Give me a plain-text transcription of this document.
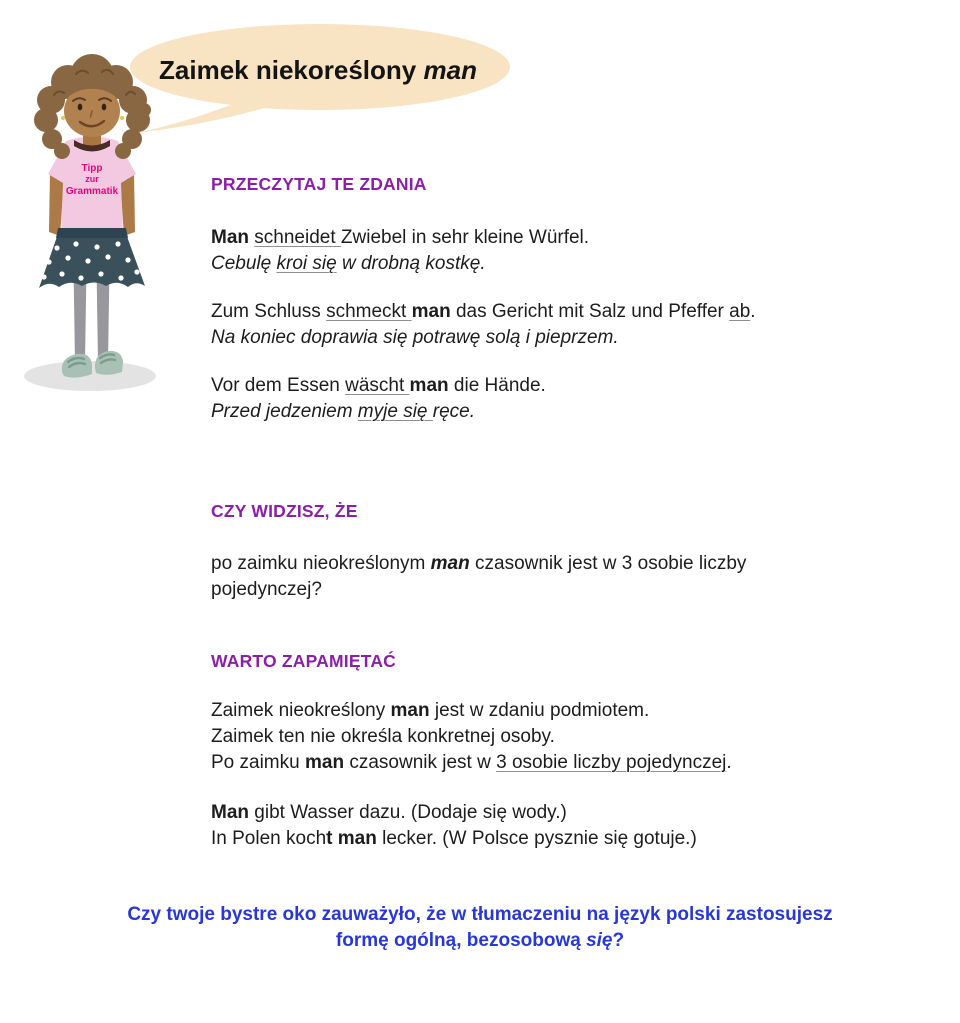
Zaimek niekoreślony man
Tipp
zur
Grammatik	PRZECZYTAJ TE ZDANIA
Man schneidet Zwiebel in sehr kleine Würfel.
Cebulę kroi się w drobną kostkę.
Zum Schluss schmeckt man das Gericht mit Salz und Pfeffer ab.
Na koniec doprawia się potrawę solą i pieprzem.
Vor dem Essen wäscht man die Hände.
Przed jedzeniem myje się ręce.
CZY WIDZISZ, ŻE
po zaimku nieokreślonym man czasownik jest w 3 osobie liczby
pojedynczej?
WARTO ZAPAMIĘTAĆ
Zaimek nieokreślony man jest w zdaniu podmiotem.
Zaimek ten nie określa konkretnej osoby.
Po zaimku man czasownik jest w 3 osobie liczby pojedynczej.
Man gibt Wasser dazu. (Dodaje się wody.)
In Polen kocht man lecker. (W Polsce pysznie się gotuje.)
Czy twoje bystre oko zauważyło, że w tłumaczeniu na język polski zastosujesz
formę ogólną, bezosobową się?
